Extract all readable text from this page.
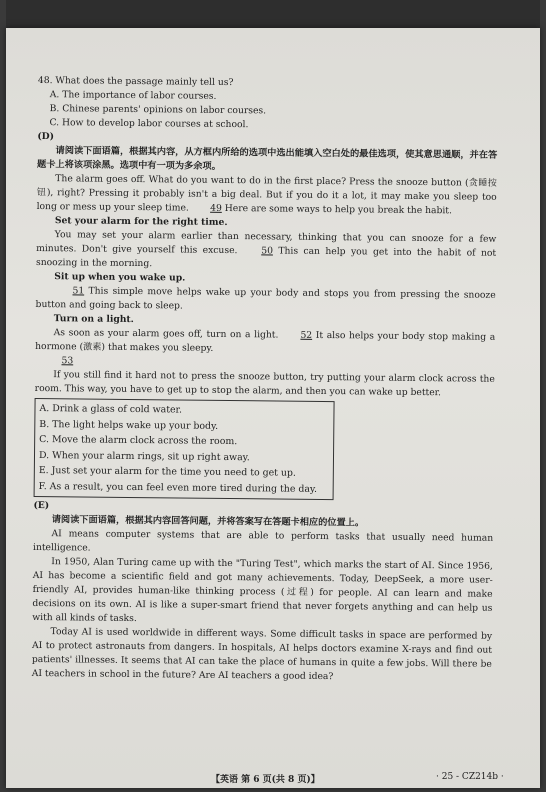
48. What does the passage mainly tell us?

A. The importance of labor courses.

B. Chinese parents' opinions on labor courses.

C. How to develop labor courses at school.

(D)

请阅读下面语篇，根据其内容，从方框内所给的选项中选出能填入空白处的最佳选项，使其意思通顺，并在答题卡上将该项涂黑。选项中有一项为多余项。

The alarm goes off. What do you want to do in the first place? Press the snooze button (贪睡按钮), right? Pressing it probably isn't a big deal. But if you do it a lot, it may make you sleep too long or mess up your sleep time. 49 Here are some ways to help you break the habit.

Set your alarm for the right time.

You may set your alarm earlier than necessary, thinking that you can snooze for a few minutes. Don't give yourself this excuse.	50 This can help you get into the habit of not snoozing in the morning.

Sit up when you wake up.

51 This simple move helps wake up your body and stops you from pressing the snooze button and going back to sleep.

Turn on a light.

As soon as your alarm goes off, turn on a light. 52 It also helps your body stop making a hormone (激素) that makes you sleepy.

53

If you still find it hard not to press the snooze button, try putting your alarm clock across the room. This way, you have to get up to stop the alarm, and then you can wake up better.

A. Drink a glass of cold water.
B. The light helps wake up your body.
C. Move the alarm clock across the room.
D. When your alarm rings, sit up right away.
E. Just set your alarm for the time you need to get up.
F. As a result, you can feel even more tired during the day.

(E)

请阅读下面语篇，根据其内容回答问题，并将答案写在答题卡相应的位置上。

AI means computer systems that are able to perform tasks that usually need human intelligence.

In 1950, Alan Turing came up with the "Turing Test", which marks the start of AI. Since 1956, AI has become a scientific field and got many achievements. Today, DeepSeek, a more user-friendly AI, provides human-like thinking process (过程) for people. AI can learn and make decisions on its own. AI is like a super-smart friend that never forgets anything and can help us with all kinds of tasks.

Today AI is used worldwide in different ways. Some difficult tasks in space are performed by AI to protect astronauts from dangers. In hospitals, AI helps doctors examine X-rays and find out patients' illnesses. It seems that AI can take the place of humans in quite a few jobs. Will there be AI teachers in school in the future? Are AI teachers a good idea?

【英语 第 6 页(共 8 页)】	· 25 - CZ214b ·
